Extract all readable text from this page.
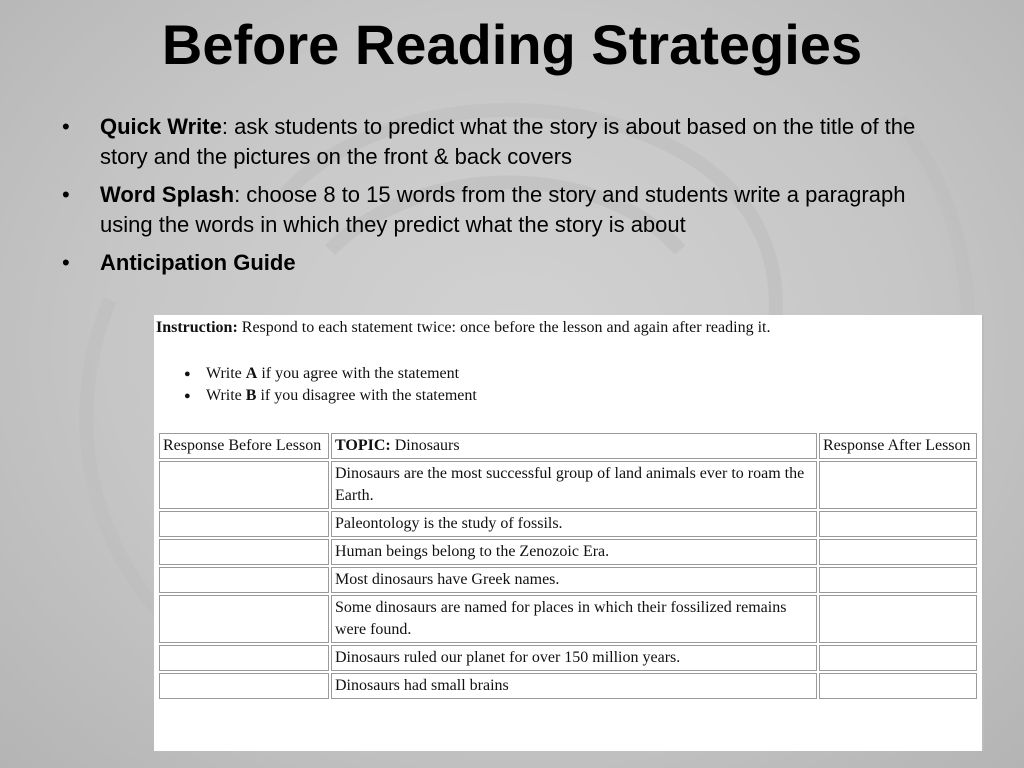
Before Reading Strategies
•	Quick Write: ask students to predict what the story is about based on the title of the story and the pictures on the front & back covers
•	Word Splash: choose 8 to 15 words from the story and students write a paragraph using the words in which they predict what the story is about
•	Anticipation Guide

Instruction: Respond to each statement twice: once before the lesson and again after reading it.

● Write A if you agree with the statement
● Write B if you disagree with the statement
Response Before Lesson	TOPIC: Dinosaurs	Response After Lesson
	Dinosaurs are the most successful group of land animals ever to roam the Earth.	
	Paleontology is the study of fossils.	
	Human beings belong to the Zenozoic Era.	
	Most dinosaurs have Greek names.	
	Some dinosaurs are named for places in which their fossilized remains were found.	
	Dinosaurs ruled our planet for over 150 million years.	
	Dinosaurs had small brains	
